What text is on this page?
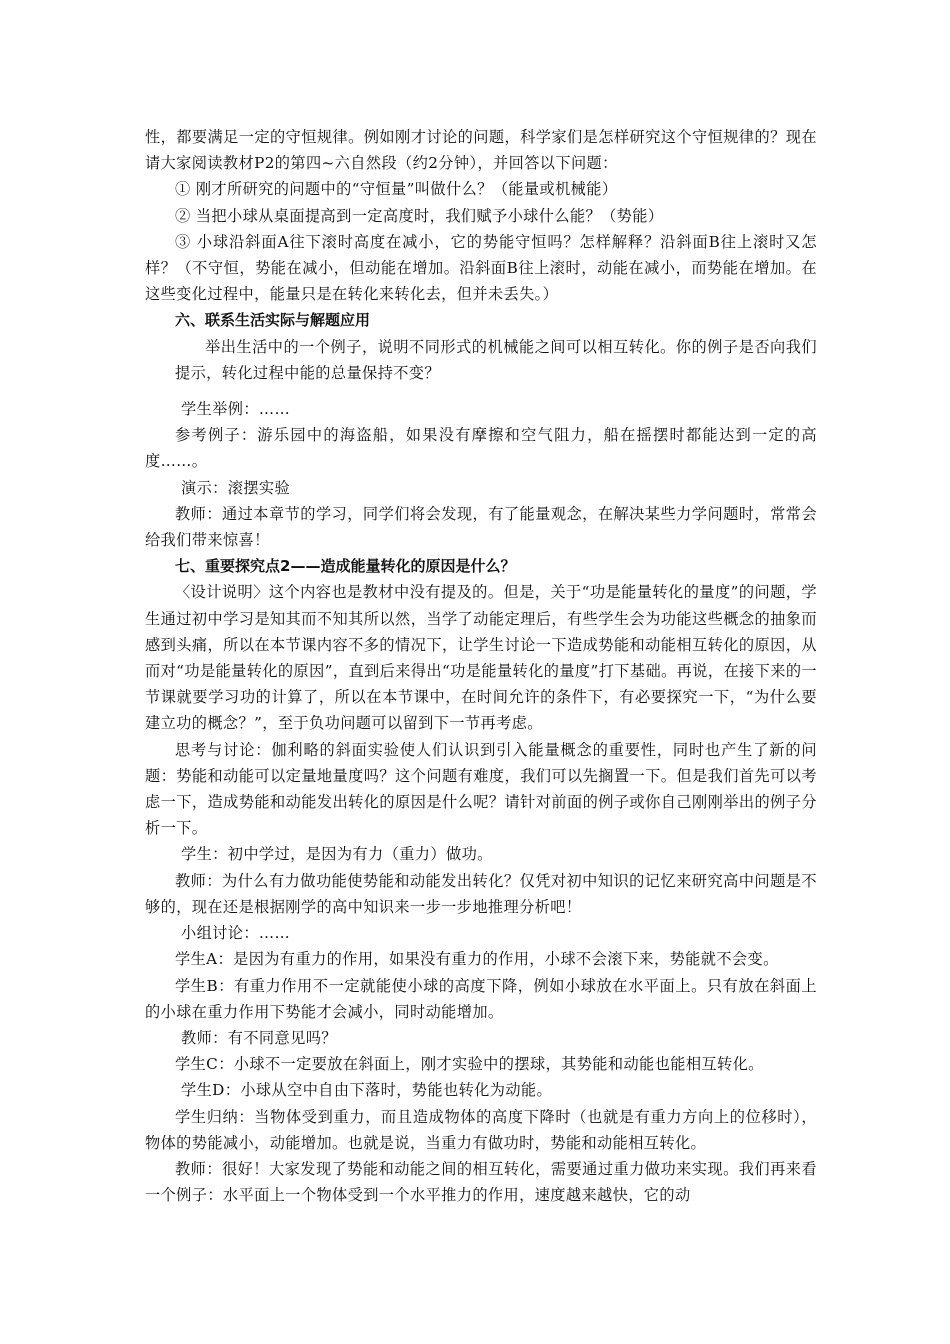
性，都要满足一定的守恒规律。例如刚才讨论的问题，科学家们是怎样研究这个守恒规律的？现在请大家阅读教材P2的第四~六自然段（约2分钟），并回答以下问题：

① 刚才所研究的问题中的“守恒量”叫做什么？（能量或机械能）

② 当把小球从桌面提高到一定高度时，我们赋予小球什么能？（势能）

③ 小球沿斜面A往下滚时高度在减小，它的势能守恒吗？怎样解释？沿斜面B往上滚时又怎样？（不守恒，势能在减小，但动能在增加。沿斜面B往上滚时，动能在减小，而势能在增加。在这些变化过程中，能量只是在转化来转化去，但并未丢失。）

六、联系生活实际与解题应用

举出生活中的一个例子，说明不同形式的机械能之间可以相互转化。你的例子是否向我们提示，转化过程中能的总量保持不变？

学生举例：……

参考例子：游乐园中的海盗船，如果没有摩擦和空气阻力，船在摇摆时都能达到一定的高度……。

演示：滚摆实验

教师：通过本章节的学习，同学们将会发现，有了能量观念，在解决某些力学问题时，常常会给我们带来惊喜！

七、重要探究点2——造成能量转化的原因是什么？

〈设计说明〉这个内容也是教材中没有提及的。但是，关于“功是能量转化的量度”的问题，学生通过初中学习是知其而不知其所以然，当学了动能定理后，有些学生会为功能这些概念的抽象而感到头痛，所以在本节课内容不多的情况下，让学生讨论一下造成势能和动能相互转化的原因，从而对“功是能量转化的原因”，直到后来得出“功是能量转化的量度”打下基础。再说，在接下来的一节课就要学习功的计算了，所以在本节课中，在时间允许的条件下，有必要探究一下，“为什么要建立功的概念？”，至于负功问题可以留到下一节再考虑。

思考与讨论：伽利略的斜面实验使人们认识到引入能量概念的重要性，同时也产生了新的问题：势能和动能可以定量地量度吗？这个问题有难度，我们可以先搁置一下。但是我们首先可以考虑一下，造成势能和动能发出转化的原因是什么呢？请针对前面的例子或你自己刚刚举出的例子分析一下。

学生：初中学过，是因为有力（重力）做功。

教师：为什么有力做功能使势能和动能发出转化？仅凭对初中知识的记忆来研究高中问题是不够的，现在还是根据刚学的高中知识来一步一步地推理分析吧！

小组讨论：……

学生A：是因为有重力的作用，如果没有重力的作用，小球不会滚下来，势能就不会变。

学生B：有重力作用不一定就能使小球的高度下降，例如小球放在水平面上。只有放在斜面上的小球在重力作用下势能才会减小，同时动能增加。

教师：有不同意见吗？

学生C：小球不一定要放在斜面上，刚才实验中的摆球，其势能和动能也能相互转化。

学生D：小球从空中自由下落时，势能也转化为动能。

学生归纳：当物体受到重力，而且造成物体的高度下降时（也就是有重力方向上的位移时），物体的势能减小，动能增加。也就是说，当重力有做功时，势能和动能相互转化。

教师：很好！大家发现了势能和动能之间的相互转化，需要通过重力做功来实现。我们再来看一个例子：水平面上一个物体受到一个水平推力的作用，速度越来越快，它的动
